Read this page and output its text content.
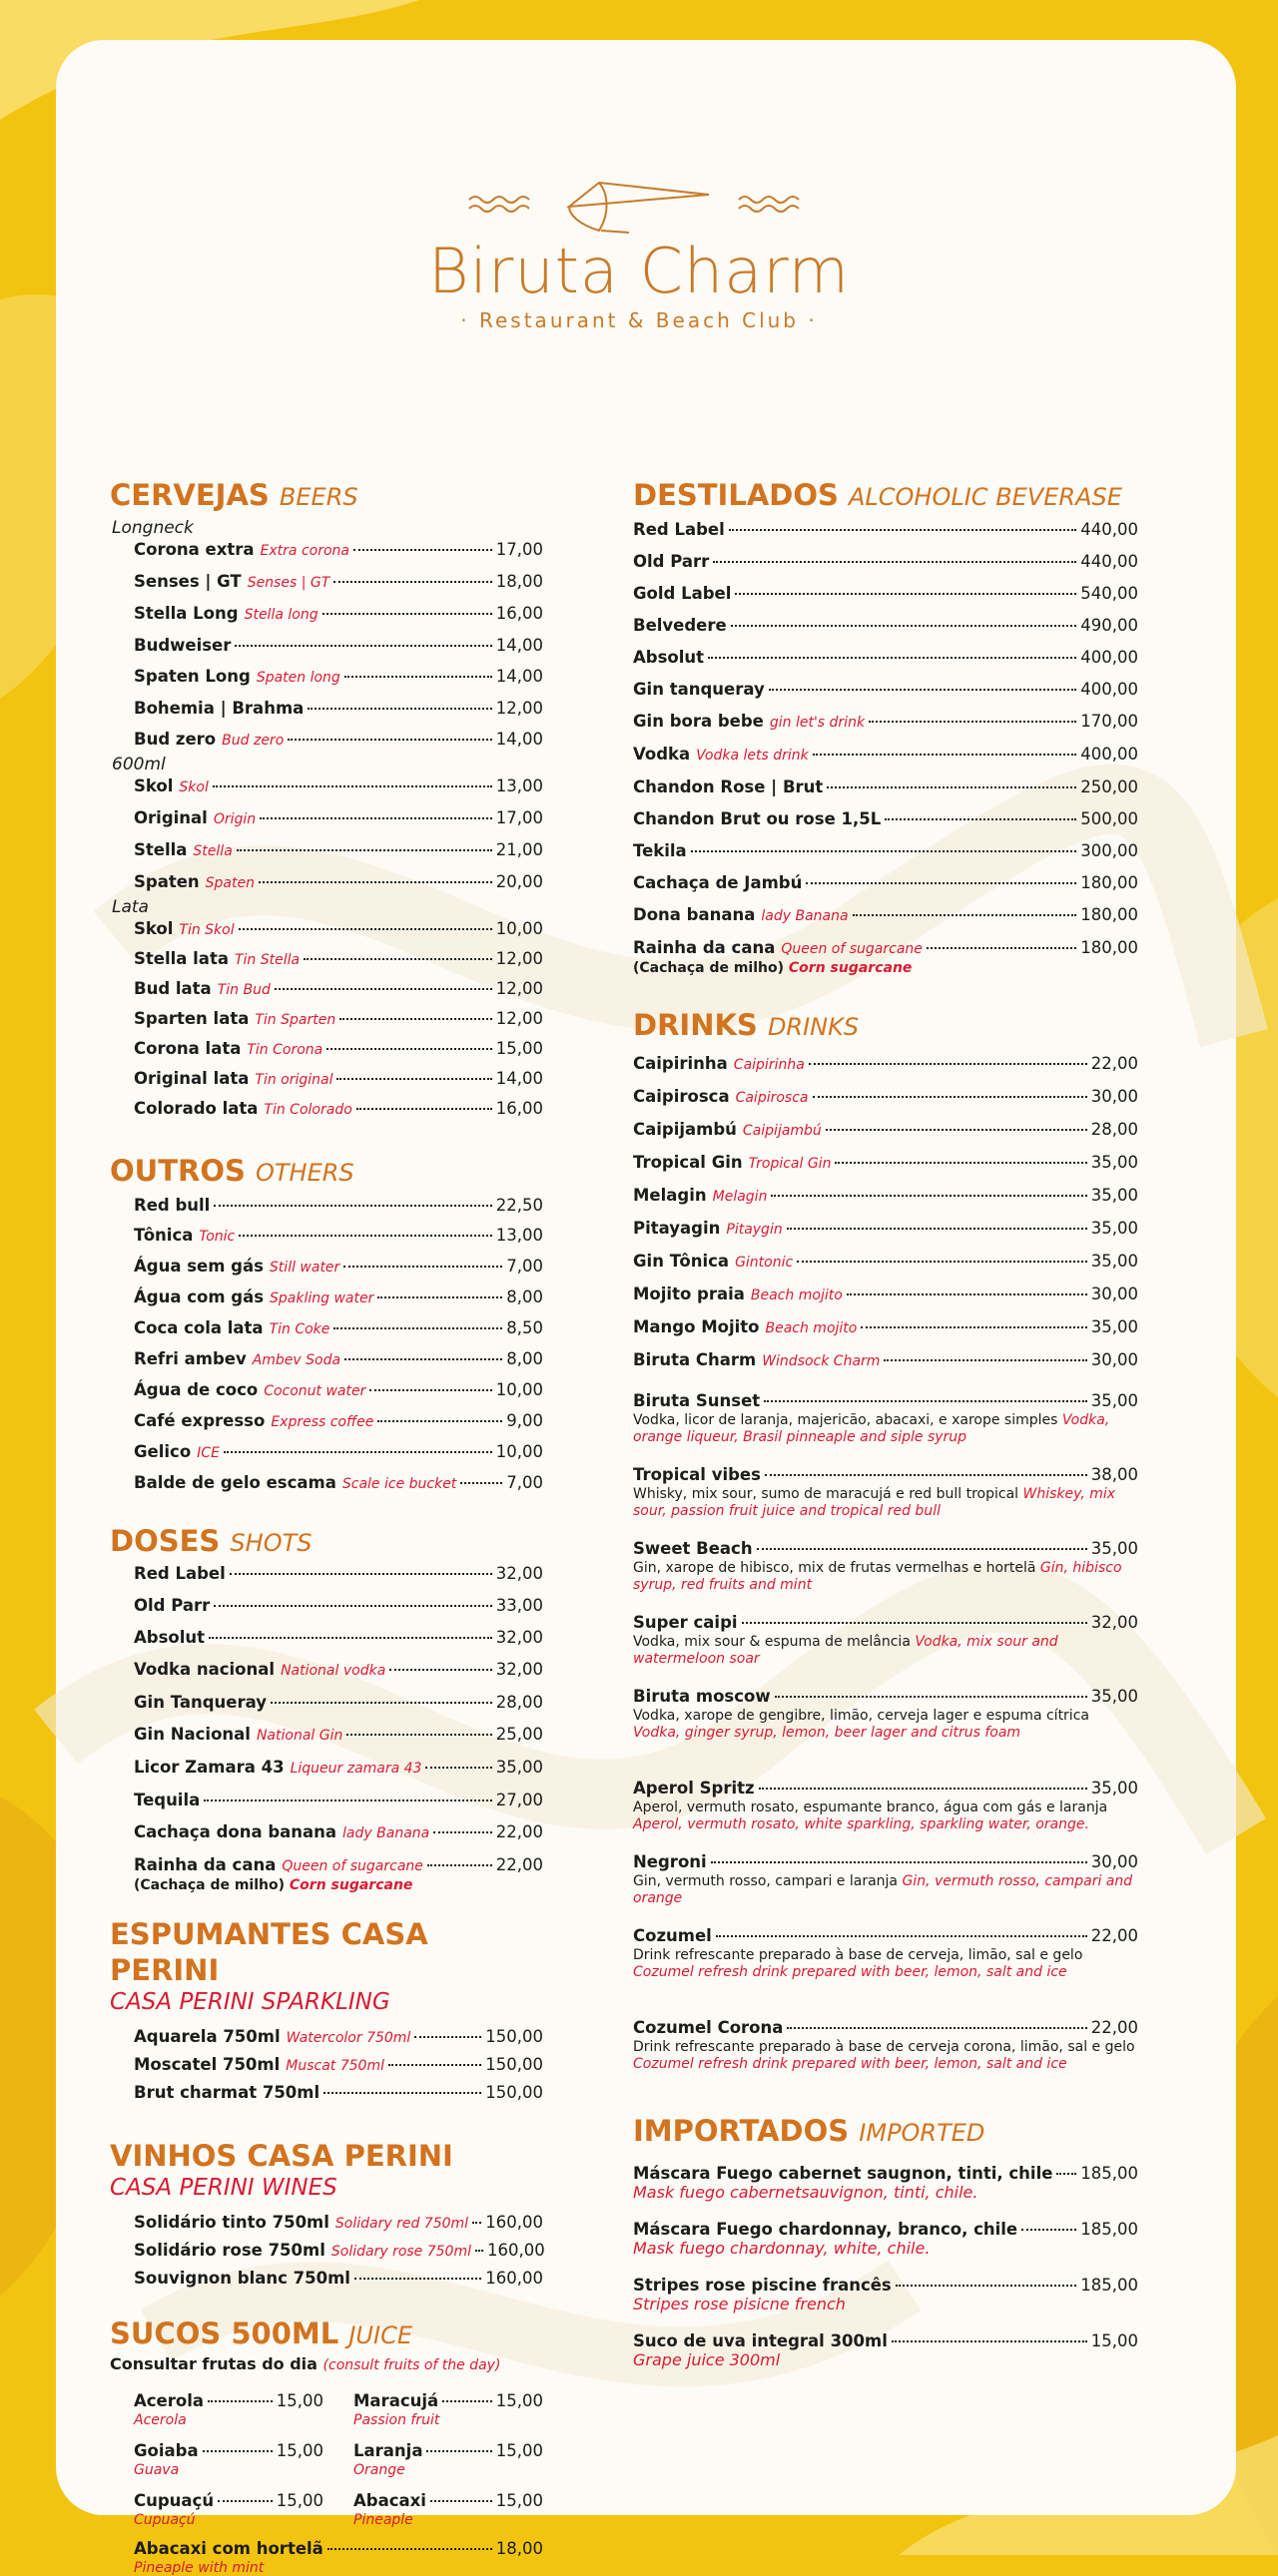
Biruta Charm
· Restaurant & Beach Club ·
CERVEJAS BEERS
Longneck
Corona extra Extra corona	17,00
Senses | GT Senses | GT	18,00
Stella Long Stella long	16,00
Budweiser	14,00
Spaten Long Spaten long	14,00
Bohemia | Brahma	12,00
Bud zero Bud zero	14,00
600ml
Skol Skol	13,00
Original Origin	17,00
Stella Stella	21,00
Spaten Spaten	20,00
Lata
Skol Tin Skol	10,00
Stella lata Tin Stella	12,00
Bud lata Tin Bud	12,00
Sparten lata Tin Sparten	12,00
Corona lata Tin Corona	15,00
Original lata Tin original	14,00
Colorado lata Tin Colorado	16,00
OUTROS OTHERS
Red bull	22,50
Tônica Tonic	13,00
Água sem gás Still water	7,00
Água com gás Spakling water	8,00
Coca cola lata Tin Coke	8,50
Refri ambev Ambev Soda	8,00
Água de coco Coconut water	10,00
Café expresso Express coffee	9,00
Gelico ICE	10,00
Balde de gelo escama Scale ice bucket	7,00
DOSES SHOTS
Red Label	32,00
Old Parr	33,00
Absolut	32,00
Vodka nacional National vodka	32,00
Gin Tanqueray	28,00
Gin Nacional National Gin	25,00
Licor Zamara 43 Liqueur zamara 43	35,00
Tequila	27,00
Cachaça dona banana lady Banana	22,00
Rainha da cana Queen of sugarcane	22,00
(Cachaça de milho) Corn sugarcane
ESPUMANTES CASA PERINI
CASA PERINI SPARKLING
Aquarela 750ml Watercolor 750ml	150,00
Moscatel 750ml Muscat 750ml	150,00
Brut charmat 750ml	150,00
VINHOS CASA PERINI
CASA PERINI WINES
Solidário tinto 750ml Solidary red 750ml 160,00
Solidário rose 750ml Solidary rose 750ml 160,00
Souvignon blanc 750ml	160,00
SUCOS 500ML JUICE
Consultar frutas do dia (consult fruits of the day)
Acerola	15,00
Acerola
Maracujá	15,00
Passion fruit
Goiaba	15,00
Guava
Laranja	15,00
Orange
Cupuaçú	15,00
Cupuaçú
Abacaxi	15,00
Pineaple
Abacaxi com hortelã	18,00
Pineaple with mint
DESTILADOS ALCOHOLIC BEVERASE
Red Label	440,00
Old Parr	440,00
Gold Label	540,00
Belvedere	490,00
Absolut	400,00
Gin tanqueray	400,00
Gin bora bebe gin let's drink	170,00
Vodka Vodka lets drink	400,00
Chandon Rose | Brut	250,00
Chandon Brut ou rose 1,5L	500,00
Tekila	300,00
Cachaça de Jambú	180,00
Dona banana lady Banana	180,00
Rainha da cana Queen of sugarcane	180,00
(Cachaça de milho) Corn sugarcane
DRINKS DRINKS
Caipirinha Caipirinha	22,00
Caipirosca Caipirosca	30,00
Caipijambú Caipijambú	28,00
Tropical Gin Tropical Gin	35,00
Melagin Melagin	35,00
Pitayagin Pitaygin	35,00
Gin Tônica Gintonic	35,00
Mojito praia Beach mojito	30,00
Mango Mojito Beach mojito	35,00
Biruta Charm Windsock Charm	30,00
Biruta Sunset	35,00
Vodka, licor de laranja, majericão, abacaxi, e xarope simples Vodka, orange liqueur, Brasil pinneaple and siple syrup
Tropical vibes	38,00
Whisky, mix sour, sumo de maracujá e red bull tropical Whiskey, mix sour, passion fruit juice and tropical red bull
Sweet Beach	35,00
Gin, xarope de hibisco, mix de frutas vermelhas e hortelã Gin, hibisco syrup, red fruits and mint
Super caipi	32,00
Vodka, mix sour & espuma de melância Vodka, mix sour and watermeloon soar
Biruta moscow	35,00
Vodka, xarope de gengibre, limão, cerveja lager e espuma cítrica Vodka, ginger syrup, lemon, beer lager and citrus foam
Aperol Spritz	35,00
Aperol, vermuth rosato, espumante branco, água com gás e laranja Aperol, vermuth rosato, white sparkling, sparkling water, orange.
Negroni	30,00
Gin, vermuth rosso, campari e laranja Gin, vermuth rosso, campari and orange
Cozumel	22,00
Drink refrescante preparado à base de cerveja, limão, sal e gelo Cozumel refresh drink prepared with beer, lemon, salt and ice
Cozumel Corona	22,00
Drink refrescante preparado à base de cerveja corona, limão, sal e gelo Cozumel refresh drink prepared with beer, lemon, salt and ice
IMPORTADOS IMPORTED
Máscara Fuego cabernet saugnon, tinti, chile 185,00
Mask fuego cabernetsauvignon, tinti, chile.
Máscara Fuego chardonnay, branco, chile	185,00
Mask fuego chardonnay, white, chile.
Stripes rose piscine francês	185,00
Stripes rose pisicne french
Suco de uva integral 300ml	15,00
Grape juice 300ml
